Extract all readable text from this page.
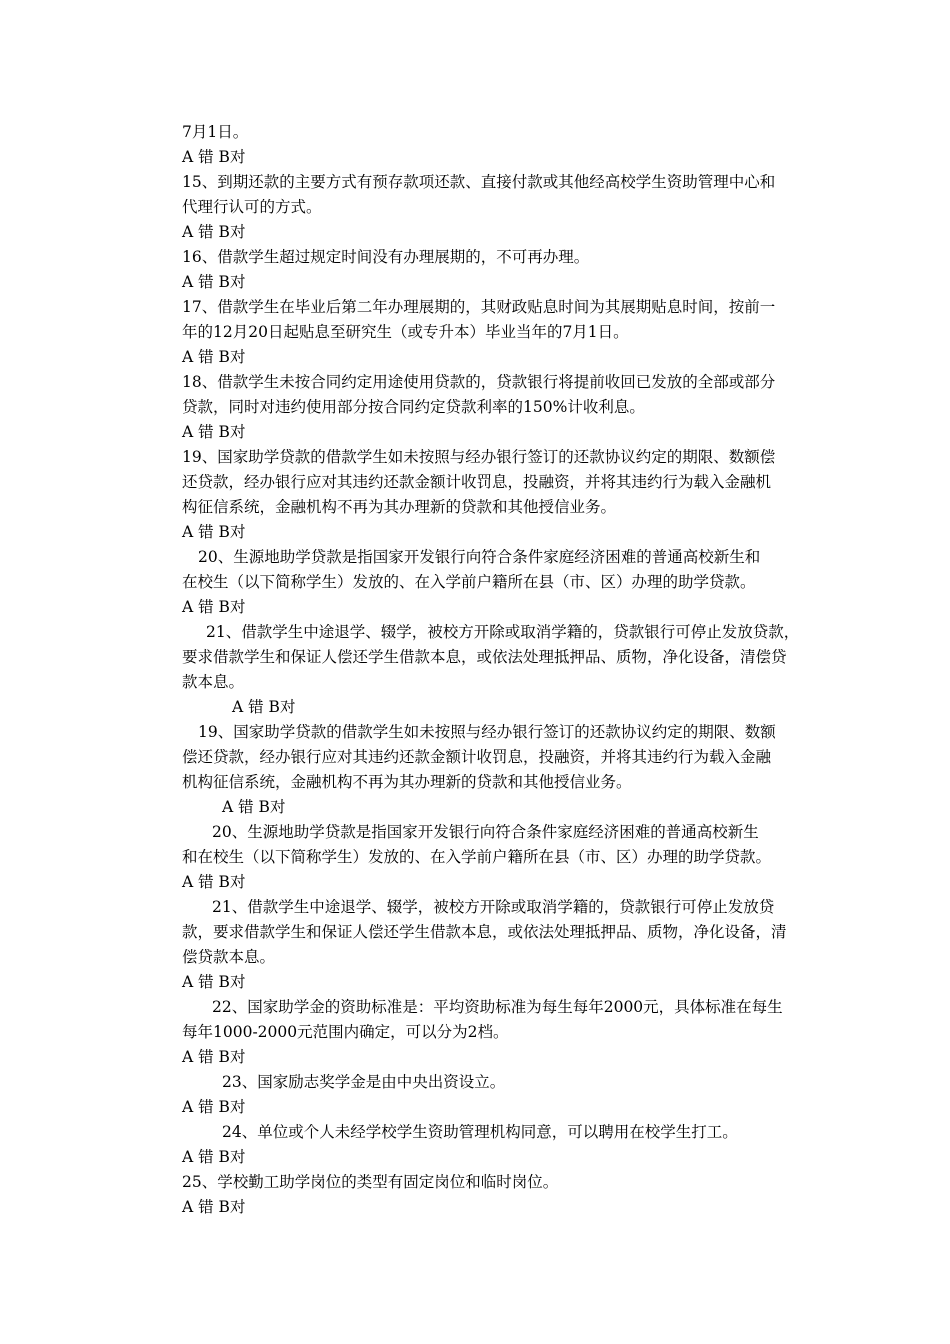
7月1日。
A 错 B对
15、到期还款的主要方式有预存款项还款、直接付款或其他经高校学生资助管理中心和
代理行认可的方式。
A 错 B对
16、借款学生超过规定时间没有办理展期的，不可再办理。
A 错 B对
17、借款学生在毕业后第二年办理展期的，其财政贴息时间为其展期贴息时间，按前一
年的12月20日起贴息至研究生（或专升本）毕业当年的7月1日。
A 错 B对
18、借款学生未按合同约定用途使用贷款的，贷款银行将提前收回已发放的全部或部分
贷款，同时对违约使用部分按合同约定贷款利率的150%计收利息。
A 错 B对
19、国家助学贷款的借款学生如未按照与经办银行签订的还款协议约定的期限、数额偿
还贷款，经办银行应对其违约还款金额计收罚息，投融资，并将其违约行为载入金融机
构征信系统，金融机构不再为其办理新的贷款和其他授信业务。
A 错 B对
20、生源地助学贷款是指国家开发银行向符合条件家庭经济困难的普通高校新生和
在校生（以下简称学生）发放的、在入学前户籍所在县（市、区）办理的助学贷款。
A 错 B对
21、借款学生中途退学、辍学，被校方开除或取消学籍的，贷款银行可停止发放贷款，
要求借款学生和保证人偿还学生借款本息，或依法处理抵押品、质物，净化设备，清偿贷
款本息。
A 错 B对
19、国家助学贷款的借款学生如未按照与经办银行签订的还款协议约定的期限、数额
偿还贷款，经办银行应对其违约还款金额计收罚息，投融资，并将其违约行为载入金融
机构征信系统，金融机构不再为其办理新的贷款和其他授信业务。
A 错 B对
20、生源地助学贷款是指国家开发银行向符合条件家庭经济困难的普通高校新生
和在校生（以下简称学生）发放的、在入学前户籍所在县（市、区）办理的助学贷款。
A 错 B对
21、借款学生中途退学、辍学，被校方开除或取消学籍的，贷款银行可停止发放贷
款，要求借款学生和保证人偿还学生借款本息，或依法处理抵押品、质物，净化设备，清
偿贷款本息。
A 错 B对
22、国家助学金的资助标准是：平均资助标准为每生每年2000元，具体标准在每生
每年1000-2000元范围内确定，可以分为2档。
A 错 B对
23、国家励志奖学金是由中央出资设立。
A 错 B对
24、单位或个人未经学校学生资助管理机构同意，可以聘用在校学生打工。
A 错 B对
25、学校勤工助学岗位的类型有固定岗位和临时岗位。
A 错 B对
